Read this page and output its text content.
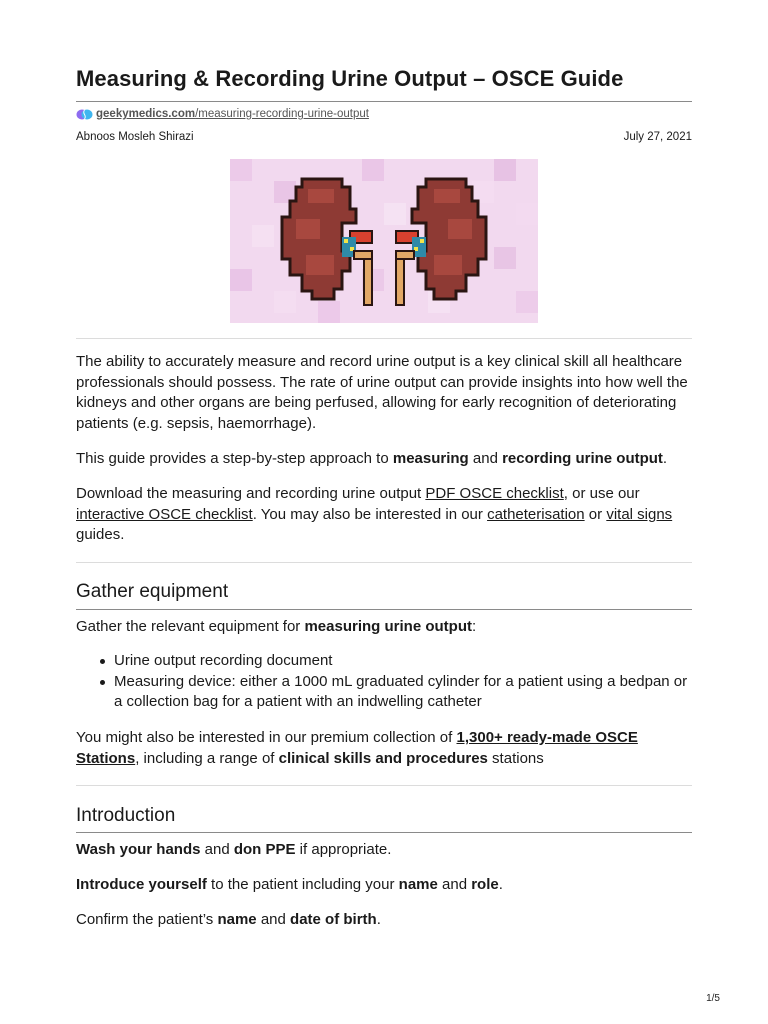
Measuring & Recording Urine Output – OSCE Guide
geekymedics.com/measuring-recording-urine-output
Abnoos Mosleh Shirazi	July 27, 2021

The ability to accurately measure and record urine output is a key clinical skill all healthcare professionals should possess. The rate of urine output can provide insights into how well the kidneys and other organs are being perfused, allowing for early recognition of deteriorating patients (e.g. sepsis, haemorrhage).

This guide provides a step-by-step approach to measuring and recording urine output.

Download the measuring and recording urine output PDF OSCE checklist, or use our interactive OSCE checklist. You may also be interested in our catheterisation or vital signs guides.

Gather equipment

Gather the relevant equipment for measuring urine output:

Urine output recording document
Measuring device: either a 1000 mL graduated cylinder for a patient using a bedpan or a collection bag for a patient with an indwelling catheter

You might also be interested in our premium collection of 1,300+ ready-made OSCE Stations, including a range of clinical skills and procedures stations

Introduction

Wash your hands and don PPE if appropriate.

Introduce yourself to the patient including your name and role.

Confirm the patient’s name and date of birth.

1/5
